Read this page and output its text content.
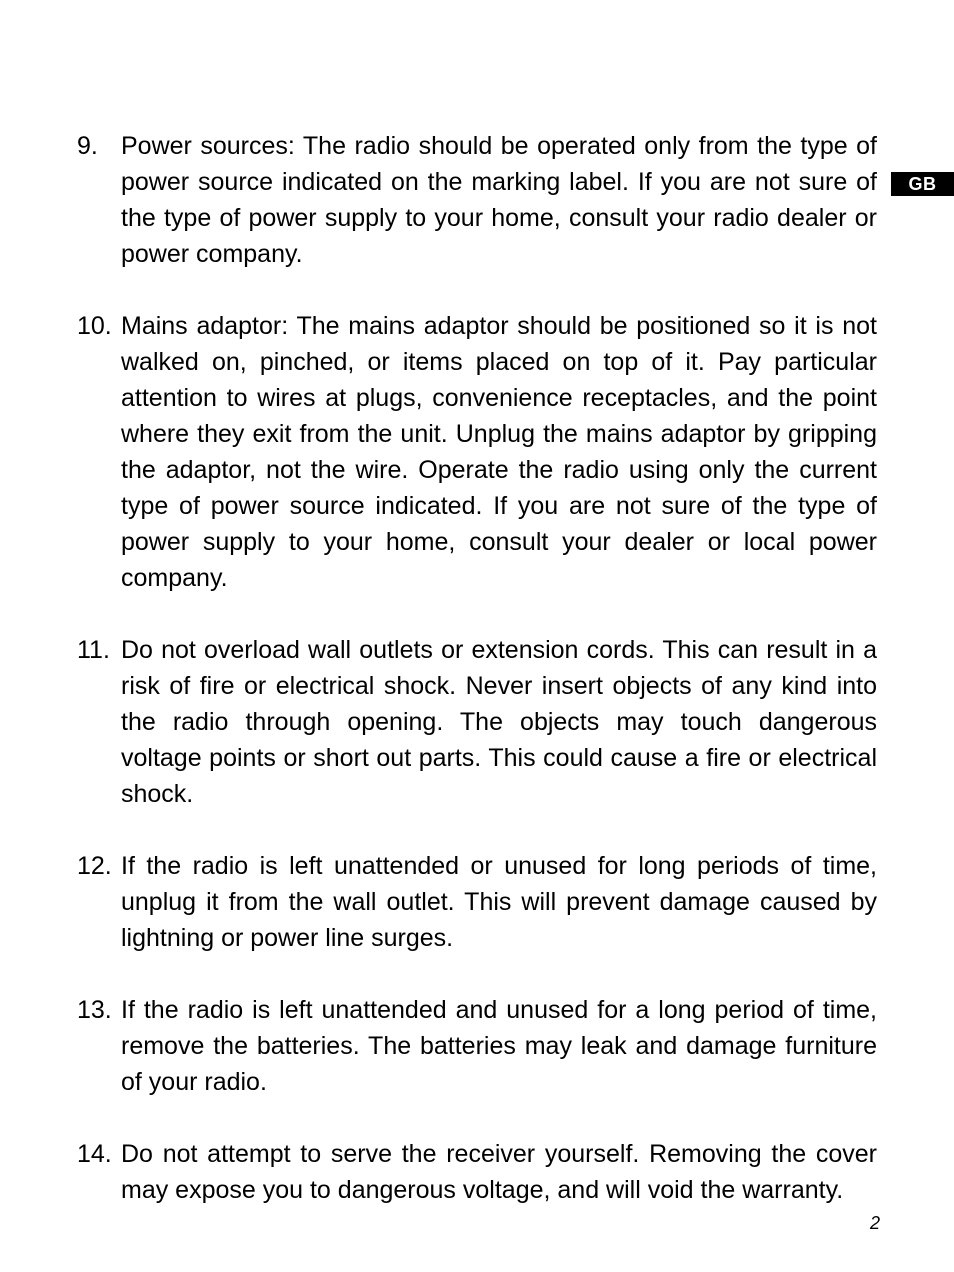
GB
9. Power sources: The radio should be operated only from the type of power source indicated on the marking label. If you are not sure of the type of power supply to your home, consult your radio dealer or power company.
10. Mains adaptor: The mains adaptor should be positioned so it is not walked on, pinched, or items placed on top of it. Pay particular attention to wires at plugs, convenience receptacles, and the point where they exit from the unit. Unplug the mains adaptor by gripping the adaptor, not the wire. Operate the radio using only the current type of power source indicated. If you are not sure of the type of power supply to your home, consult your dealer or local power company.
11. Do not overload wall outlets or extension cords. This can result in a risk of fire or electrical shock. Never insert objects of any kind into the radio through opening. The objects may touch dangerous voltage points or short out parts. This could cause a fire or electrical shock.
12. If the radio is left unattended or unused for long periods of time, unplug it from the wall outlet. This will prevent damage caused by lightning or power line surges.
13. If the radio is left unattended and unused for a long period of time, remove the batteries. The batteries may leak and damage furniture of your radio.
14. Do not attempt to serve the receiver yourself. Removing the cover may expose you to dangerous voltage, and will void the warranty.
2
